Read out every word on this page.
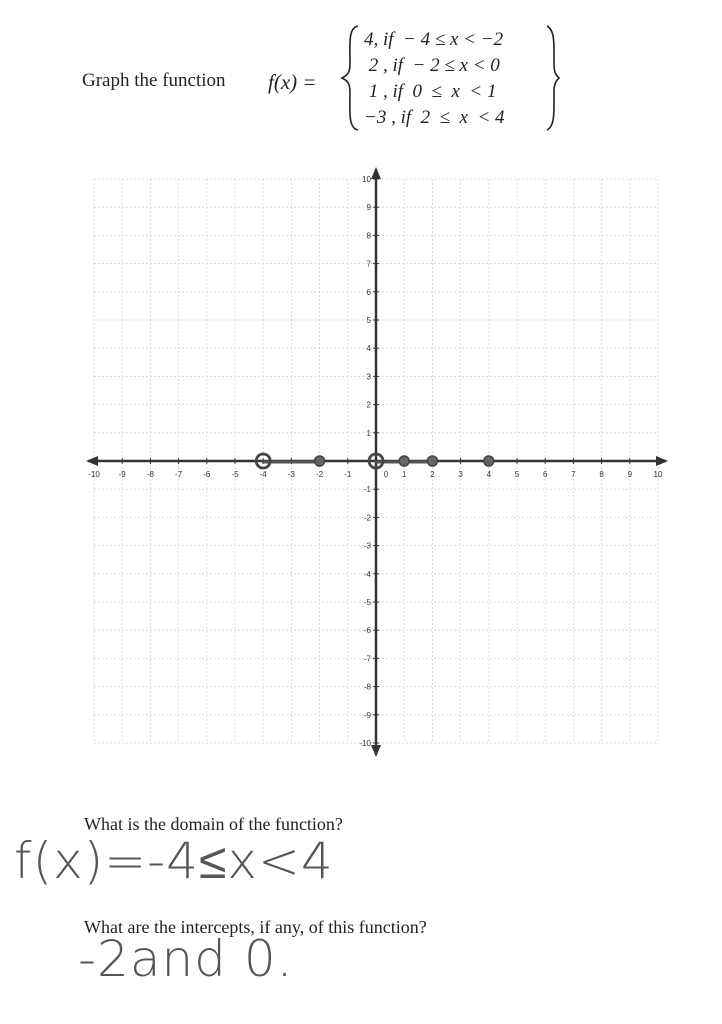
Graph the function f(x) =
4, if  − 4 ≤ x < −2
2 , if  − 2 ≤ x < 0
1 , if  0  ≤  x  < 1
−3 , if  2  ≤  x  < 4
-10 -9	-8	-7	-6	-5	-4	-3	-2	-1	0 1	2	3	4	5	6	7	8	9	10
-10
-9
-8
-7
-6
-5
-4
-3
-2
-1
1
2
3
4
5
6
7
8
9
10
What is the domain of the function?
f(x)=-4≤x<4
What are the intercepts, if any, of this function?
-2and 0.
